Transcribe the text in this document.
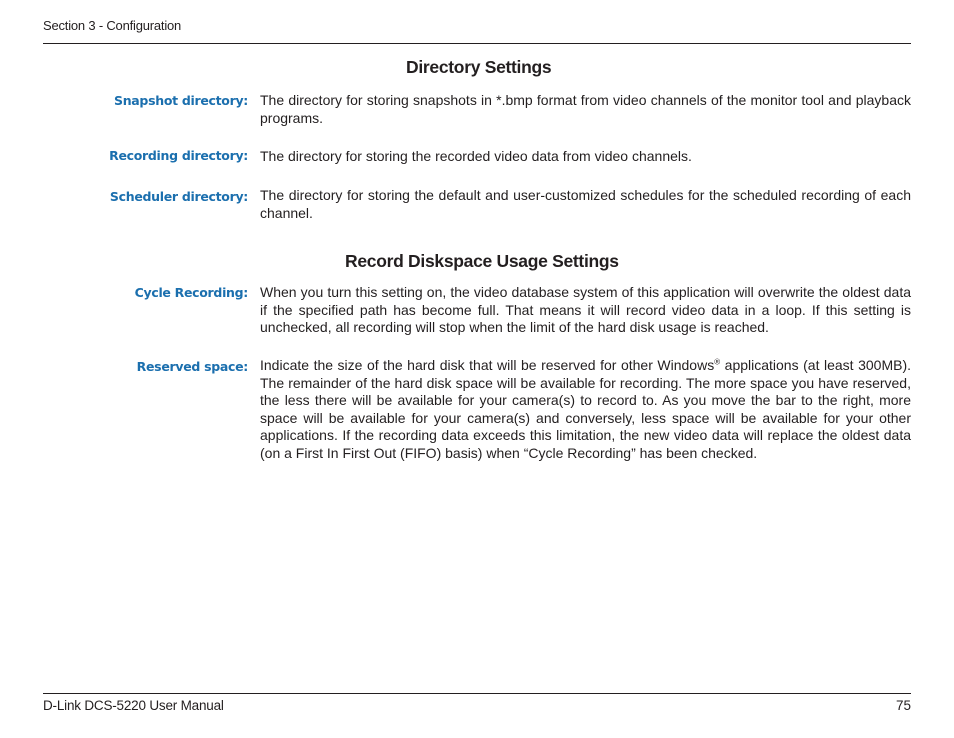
Section 3 - Configuration
Directory Settings
Snapshot directory: The directory for storing snapshots in *.bmp format from video channels of the monitor tool and playback programs.
Recording directory: The directory for storing the recorded video data from video channels.
Scheduler directory: The directory for storing the default and user-customized schedules for the scheduled recording of each channel.
Record Diskspace Usage Settings
Cycle Recording: When you turn this setting on, the video database system of this application will overwrite the oldest data if the specified path has become full. That means it will record video data in a loop. If this setting is unchecked, all recording will stop when the limit of the hard disk usage is reached.
Reserved space: Indicate the size of the hard disk that will be reserved for other Windows® applications (at least 300MB). The remainder of the hard disk space will be available for recording. The more space you have reserved, the less there will be available for your camera(s) to record to. As you move the bar to the right, more space will be available for your camera(s) and conversely, less space will be available for your other applications. If the recording data exceeds this limitation, the new video data will replace the oldest data (on a First In First Out (FIFO) basis) when “Cycle Recording” has been checked.
D-Link DCS-5220 User Manual	75
